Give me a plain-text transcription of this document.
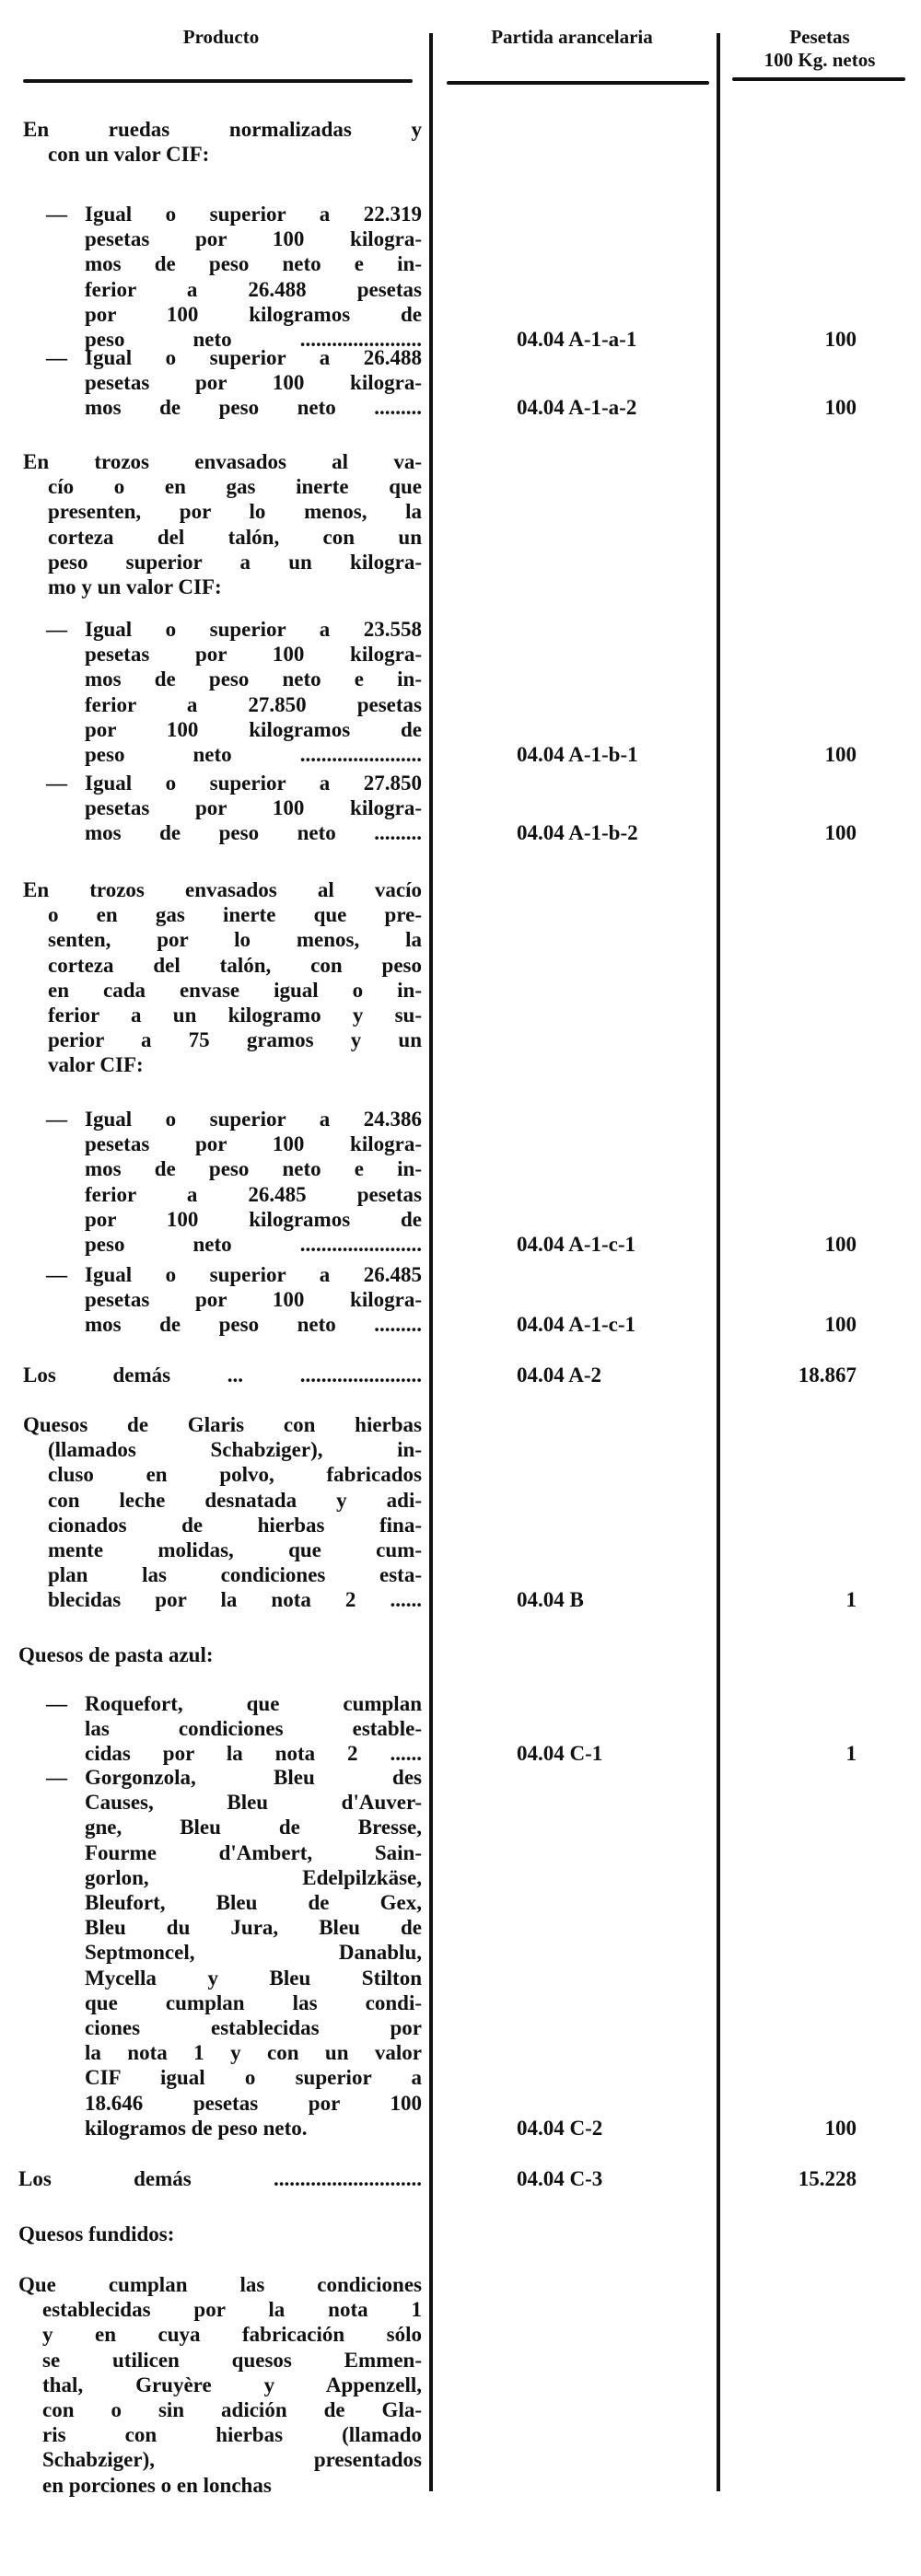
Producto	Partida arancelaria	Pesetas
100 Kg. netos
En ruedas normalizadas y
con un valor CIF:
— Igual o superior a 22.319
pesetas por 100 kilogra-
mos de peso neto e in-
ferior a 26.488 pesetas
por 100 kilogramos de
peso neto .......................	04.04 A-1-a-1	100
— Igual o superior a 26.488
pesetas por 100 kilogra-
mos de peso neto .........	04.04 A-1-a-2	100
En trozos envasados al va-
cío o en gas inerte que
presenten, por lo menos, la
corteza del talón, con un
peso superior a un kilogra-
mo y un valor CIF:
— Igual o superior a 23.558
pesetas por 100 kilogra-
mos de peso neto e in-
ferior a 27.850 pesetas
por 100 kilogramos de
peso neto .......................	04.04 A-1-b-1	100
— Igual o superior a 27.850
pesetas por 100 kilogra-
mos de peso neto .........	04.04 A-1-b-2	100
En trozos envasados al vacío
o en gas inerte que pre-
senten, por lo menos, la
corteza del talón, con peso
en cada envase igual o in-
ferior a un kilogramo y su-
perior a 75 gramos y un
valor CIF:
— Igual o superior a 24.386
pesetas por 100 kilogra-
mos de peso neto e in-
ferior a 26.485 pesetas
por 100 kilogramos de
peso neto .......................	04.04 A-1-c-1	100
— Igual o superior a 26.485
pesetas por 100 kilogra-
mos de peso neto .........	04.04 A-1-c-1	100
Los demás ... .......................	04.04 A-2	18.867
Quesos de Glaris con hierbas
(llamados Schabziger), in-
cluso en polvo, fabricados
con leche desnatada y adi-
cionados de hierbas fina-
mente molidas, que cum-
plan las condiciones esta-
blecidas por la nota 2 ......	04.04 B	1
Quesos de pasta azul:
— Roquefort, que cumplan
las condiciones estable-
cidas por la nota 2 ......	04.04 C-1	1
— Gorgonzola, Bleu des
Causes, Bleu d'Auver-
gne, Bleu de Bresse,
Fourme d'Ambert, Sain-
gorlon, Edelpilzkäse,
Bleufort, Bleu de Gex,
Bleu du Jura, Bleu de
Septmoncel, Danablu,
Mycella y Bleu Stilton
que cumplan las condi-
ciones establecidas por
la nota 1 y con un valor
CIF igual o superior a
18.646 pesetas por 100
kilogramos de peso neto.	04.04 C-2	100
Los demás ............................	04.04 C-3	15.228
Quesos fundidos:
Que cumplan las condiciones
establecidas por la nota 1
y en cuya fabricación sólo
se utilicen quesos Emmen-
thal, Gruyère y Appenzell,
con o sin adición de Gla-
ris con hierbas (llamado
Schabziger), presentados
en porciones o en lonchas
